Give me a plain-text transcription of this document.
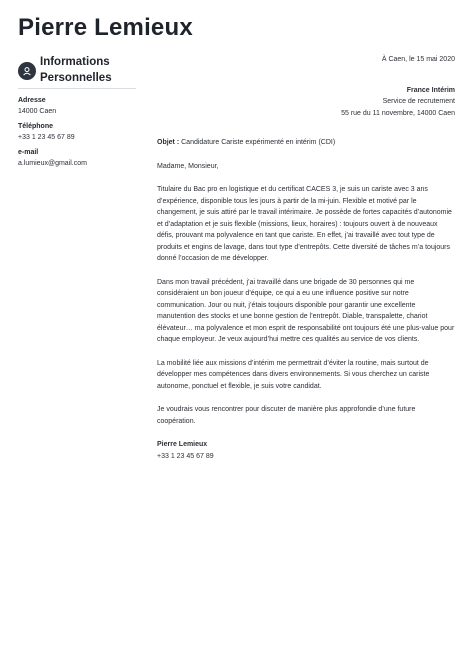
Pierre Lemieux
Informations
Personnelles
Adresse
14000 Caen
Téléphone
+33 1 23 45 67 89
e-mail
a.lumieux@gmail.com
À Caen, le 15 mai 2020
France Intérim
Service de recrutement
55 rue du 11 novembre, 14000 Caen
Objet : Candidature Cariste expérimenté en intérim (CDI)
Madame, Monsieur,
Titulaire du Bac pro en logistique et du certificat CACES 3, je suis un cariste avec 3 ans d’expérience, disponible tous les jours à partir de la mi-juin. Flexible et motivé par le changement, je suis attiré par le travail intérimaire. Je possède de fortes capacités d’autonomie et d’adaptation et je suis flexible (missions, lieux, horaires) : toujours ouvert à de nouveaux défis, prouvant ma polyvalence en tant que cariste. En effet, j’ai travaillé avec tout type de produits et engins de lavage, dans tout type d’entrepôts. Cette diversité de tâches m’a toujours donné l’occasion de me développer.
Dans mon travail précédent, j’ai travaillé dans une brigade de 30 personnes qui me considéraient un bon joueur d’équipe, ce qui a eu une influence positive sur notre communication. Jour ou nuit, j’étais toujours disponible pour garantir une excellente manutention des stocks et une bonne gestion de l’entrepôt. Diable, transpalette, chariot élévateur… ma polyvalence et mon esprit de responsabilité ont toujours été une plus-value pour chaque employeur. Je veux aujourd’hui mettre ces qualités au service de vos clients.
La mobilité liée aux missions d’intérim me permettrait d’éviter la routine, mais surtout de développer mes compétences dans divers environnements. Si vous cherchez un cariste autonome, ponctuel et flexible, je suis votre candidat.
Je voudrais vous rencontrer pour discuter de manière plus approfondie d’une future coopération.
Pierre Lemieux
+33 1 23 45 67 89
